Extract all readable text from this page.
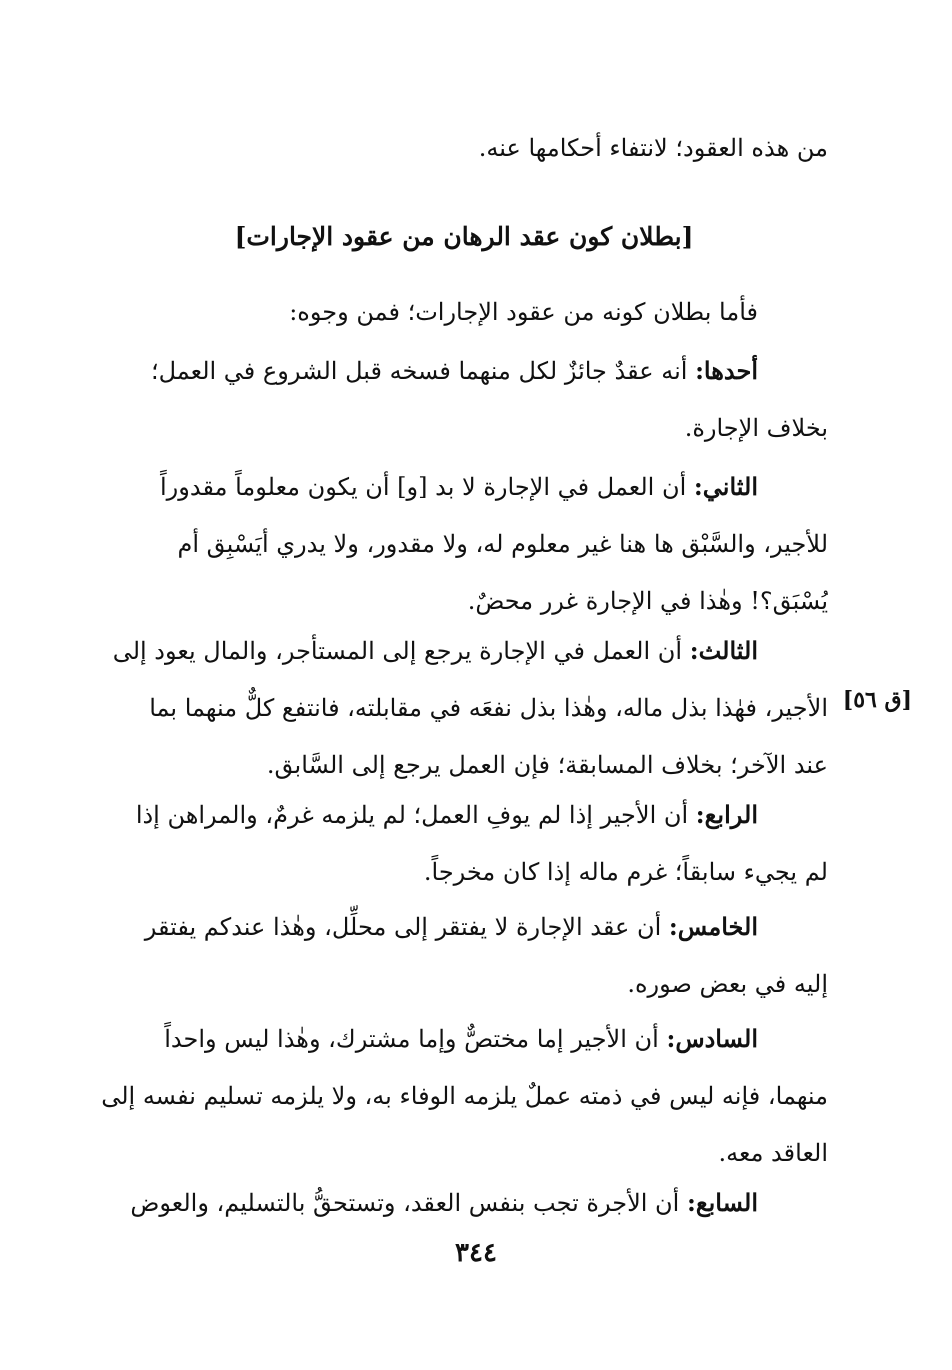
من هذه العقود؛ لانتفاء أحكامها عنه.
[بطلان كون عقد الرهان من عقود الإجارات]
فأما بطلان كونه من عقود الإجارات؛ فمن وجوه:
أحدها: أنه عقدٌ جائزٌ لكل منهما فسخه قبل الشروع في العمل؛
بخلاف الإجارة.
الثاني: أن العمل في الإجارة لا بد [و] أن يكون معلوماً مقدوراً
للأجير، والسَّبْق ها هنا غير معلوم له، ولا مقدور، ولا يدري أيَسْبِق أم
يُسْبَق؟! وهٰذا في الإجارة غرر محضٌ.
الثالث: أن العمل في الإجارة يرجع إلى المستأجر، والمال يعود إلى
الأجير، فهٰذا بذل ماله، وهٰذا بذل نفعَه في مقابلته، فانتفع كلٌّ منهما بما
عند الآخر؛ بخلاف المسابقة؛ فإن العمل يرجع إلى السَّابق.
[ق ٥٦]
الرابع: أن الأجير إذا لم يوفِ العمل؛ لم يلزمه غرمٌ، والمراهن إذا
لم يجيء سابقاً؛ غرم ماله إذا كان مخرجاً.
الخامس: أن عقد الإجارة لا يفتقر إلى محلِّل، وهٰذا عندكم يفتقر
إليه في بعض صوره.
السادس: أن الأجير إما مختصٌّ وإما مشترك، وهٰذا ليس واحداً
منهما، فإنه ليس في ذمته عملٌ يلزمه الوفاء به، ولا يلزمه تسليم نفسه إلى
العاقد معه.
السابع: أن الأجرة تجب بنفس العقد، وتستحقُّ بالتسليم، والعوض
٣٤٤
